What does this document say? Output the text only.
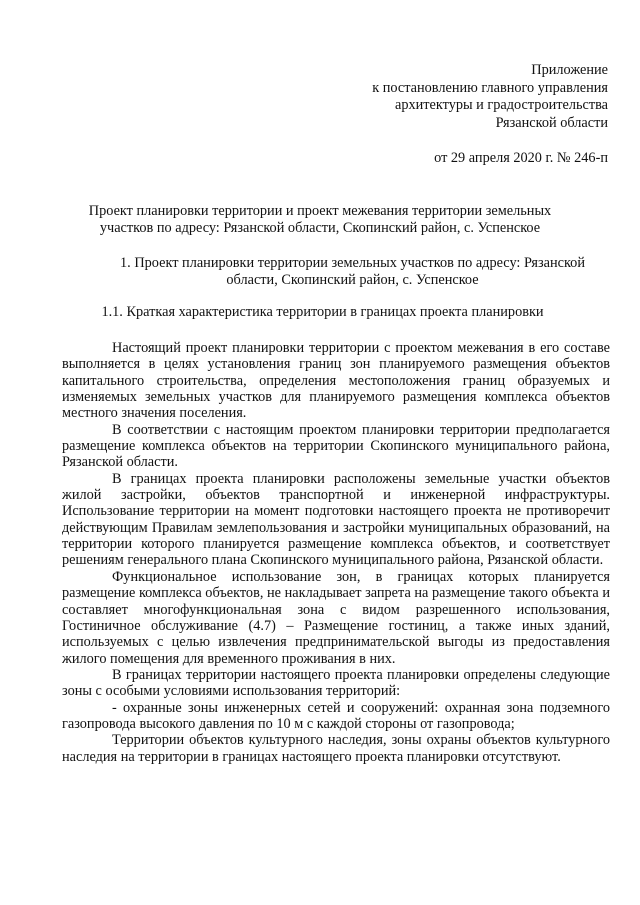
Приложение
к постановлению главного управления
архитектуры и градостроительства
Рязанской области
от 29 апреля 2020 г. № 246-п
Проект планировки территории и проект межевания территории земельных участков по адресу: Рязанской области, Скопинский район, с. Успенское
1. Проект планировки территории земельных участков по адресу: Рязанской области, Скопинский район, с. Успенское
1.1. Краткая характеристика территории в границах проекта планировки

Настоящий проект планировки территории с проектом межевания в его составе выполняется в целях установления границ зон планируемого размещения объектов капитального строительства, определения местоположения границ образуемых и изменяемых земельных участков для планируемого размещения комплекса объектов местного значения поселения.

В соответствии с настоящим проектом планировки территории предполагается размещение комплекса объектов на территории Скопинского муниципального района, Рязанской области.

В границах проекта планировки расположены земельные участки объектов жилой застройки, объектов транспортной и инженерной инфраструктуры. Использование территории на момент подготовки настоящего проекта не противоречит действующим Правилам землепользования и застройки муниципальных образований, на территории которого планируется размещение комплекса объектов, и соответствует решениям генерального плана Скопинского муниципального района, Рязанской области.

Функциональное использование зон, в границах которых планируется размещение комплекса объектов, не накладывает запрета на размещение такого объекта и составляет многофункциональная зона с видом разрешенного использования, Гостиничное обслуживание (4.7) – Размещение гостиниц, а также иных зданий, используемых с целью извлечения предпринимательской выгоды из предоставления жилого помещения для временного проживания в них.

В границах территории настоящего проекта планировки определены следующие зоны с особыми условиями использования территорий:

- охранные зоны инженерных сетей и сооружений: охранная зона подземного газопровода высокого давления по 10 м с каждой стороны от газопровода;

Территории объектов культурного наследия, зоны охраны объектов культурного наследия на территории в границах настоящего проекта планировки отсутствуют.
